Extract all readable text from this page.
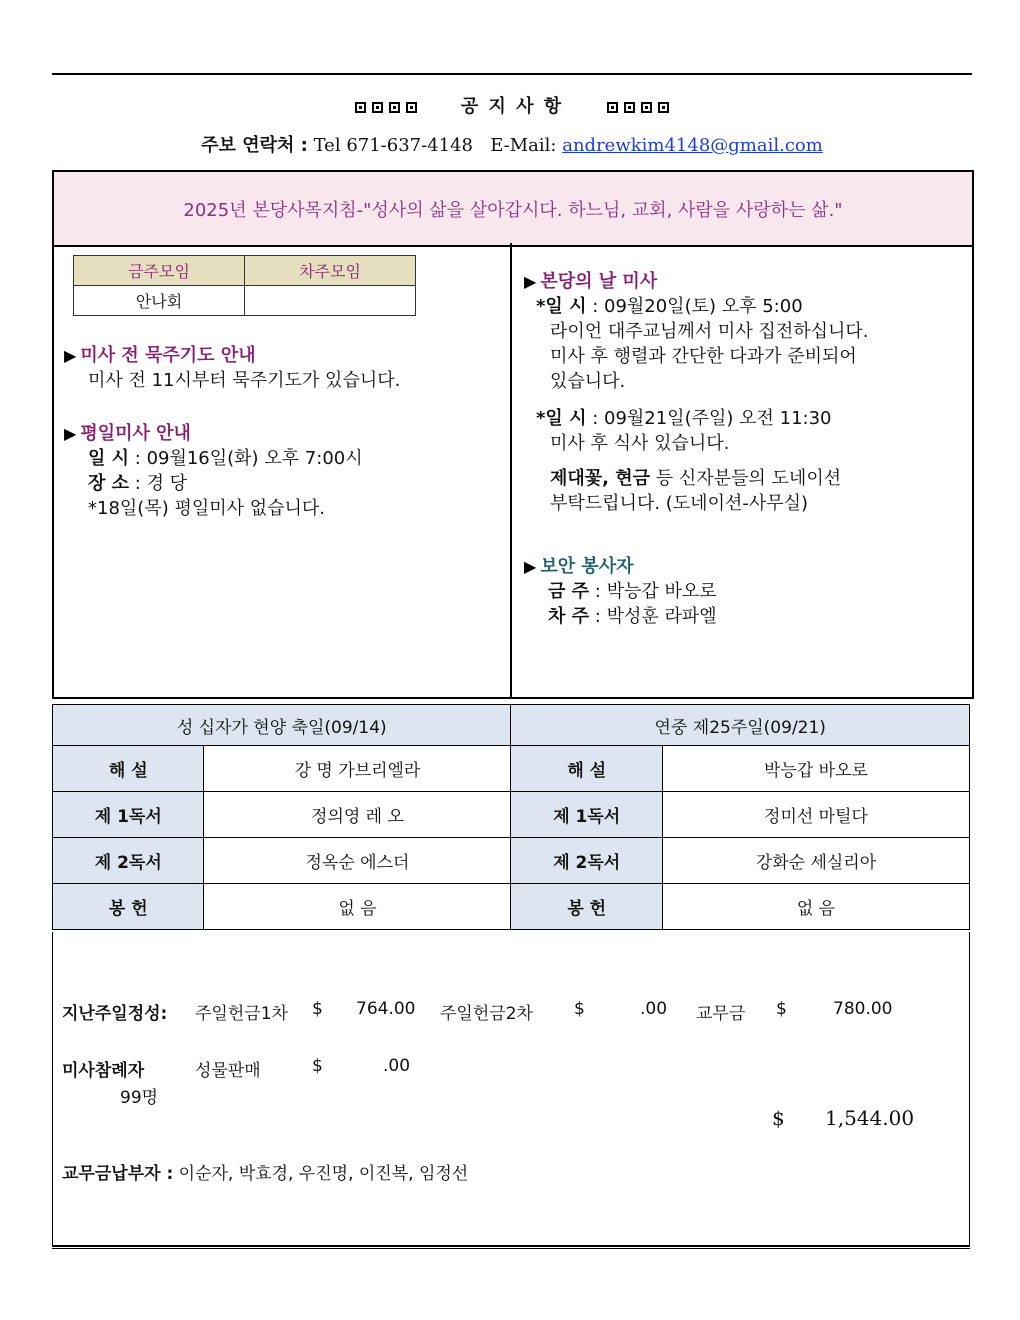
공 지 사 항
주보 연락처 : Tel 671-637-4148 E-Mail: andrewkim4148@gmail.com
2025년 본당사목지침-"성사의 삶을 살아갑시다. 하느님, 교회, 사람을 사랑하는 삶."
금주모임	차주모임
안나회	
▶ 미사 전 묵주기도 안내
미사 전 11시부터 묵주기도가 있습니다.
▶ 평일미사 안내
일 시 : 09월16일(화) 오후 7:00시
장 소 : 경 당
*18일(목) 평일미사 없습니다.
▶ 본당의 날 미사
*일 시 : 09월20일(토) 오후 5:00
라이언 대주교님께서 미사 집전하십니다.
미사 후 행렬과 간단한 다과가 준비되어
있습니다.
*일 시 : 09월21일(주일) 오전 11:30
미사 후 식사 있습니다.
제대꽃, 현금 등 신자분들의 도네이션
부탁드립니다. (도네이션-사무실)
▶ 보안 봉사자
금 주 : 박능갑 바오로
차 주 : 박성훈 라파엘
성 십자가 현양 축일(09/14)		연중 제25주일(09/21)	
해 설	강 명 가브리엘라	해 설	박능갑 바오로
제 1독서	정의영 레 오	제 1독서	정미선 마틸다
제 2독서	정옥순 에스더	제 2독서	강화순 세실리아
봉 헌	없 음	봉 헌	없 음
지난주일정성: 주일헌금1차 $ 764.00 주일헌금2차 $	.00 교무금 $	780.00
미사참례자
99명
성물판매	$	.00
$ 1,544.00
교무금납부자 : 이순자, 박효경, 우진명, 이진복, 임정선
